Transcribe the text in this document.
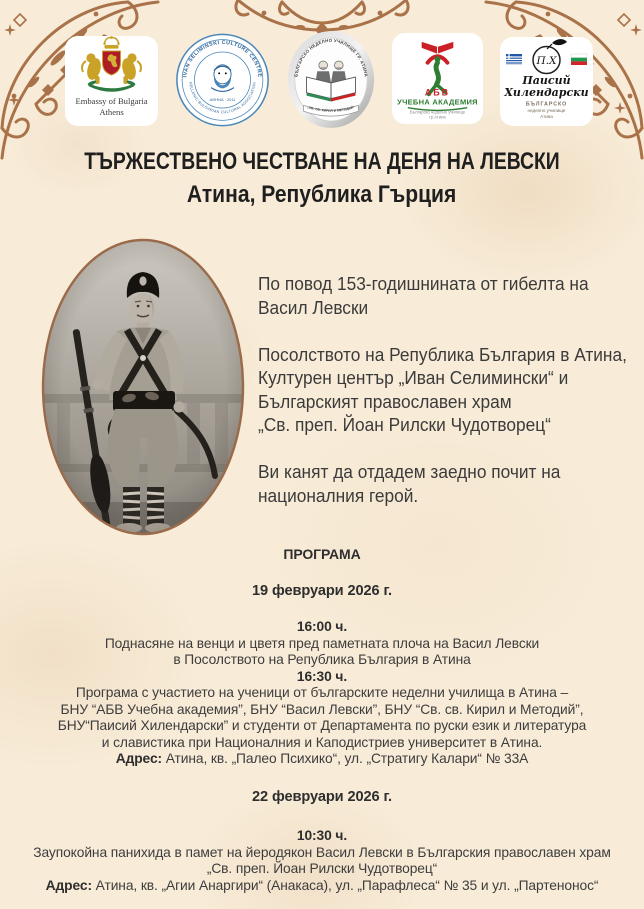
Embassy of Bulgaria
Athens
IVAN SELIMINSKI CULTURE CENTRE
HELLENIC-BULGARIAN CULTURAL ASSOCIATION
ΑΘΗΝΑ · 2011
БЪЛГАРСКО НЕДЕЛНО УЧИЛИЩЕ ГР. АТИНА
„СВ. СВ. КИРИЛ И МЕТОДИЙ“
АБВ
УЧЕБНА АКАДЕМИЯ
Българско неделно училище
гр.Атина
П.Х
Паисий
Хилендарски
БЪЛГАРСКО
неделно училище
Атина
ТЪРЖЕСТВЕНО ЧЕСТВАНЕ НА ДЕНЯ НА ЛЕВСКИ
Атина, Република Гърция
По повод 153-годишнината от гибелта на
Васил Левски
Посолството на Република България в Атина,
Културен център „Иван Селимински“ и
Българският православен храм
„Св. преп. Йоан Рилски Чудотворец“
Ви канят да отдадем заедно почит на
националния герой.
ПРОГРАМА
19 февруари 2026 г.
16:00 ч.
Поднасяне на венци и цветя пред паметната плоча на Васил Левски
в Посолството на Република България в Атина
16:30 ч.
Програма с участието на ученици от българските неделни училища в Атина –
БНУ “АБВ Учебна академия”, БНУ “Васил Левски”, БНУ “Св. св. Кирил и Методий”,
БНУ“Паисий Хилендарски” и студенти от Департамента по руски език и литература
и славистика при Националния и Каподистриев университет в Атина.
Адрес: Атина, кв. „Палео Психико“, ул. „Стратигу Калари“ № 33А
22 февруари 2026 г.
10:30 ч.
Заупокойна панихида в памет на йеродякон Васил Левски в Българския православен храм
„Св. преп. Йоан Рилски Чудотворец“
Адрес: Атина, кв. „Агии Анаргири“ (Анакаса), ул. „Парафлеса“ № 35 и ул. „Партенонос“
